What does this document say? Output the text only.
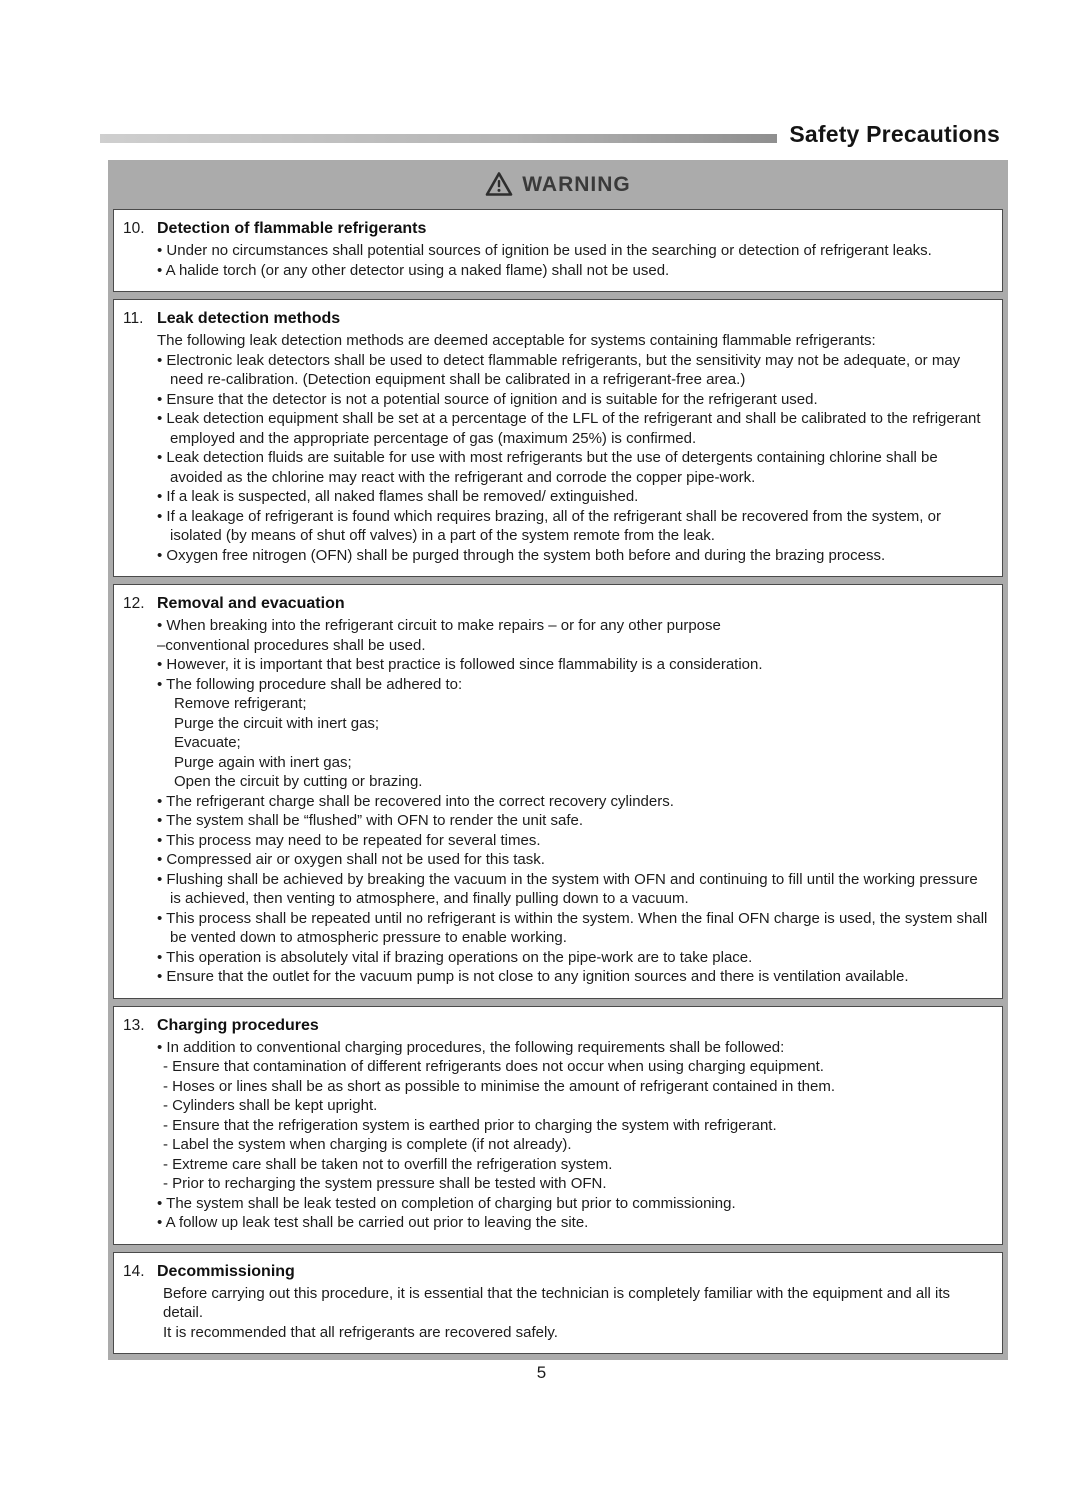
Safety Precautions
WARNING
10. Detection of flammable refrigerants
• Under no circumstances shall potential sources of ignition be used in the searching or detection of refrigerant leaks.
• A halide torch (or any other detector using a naked flame) shall not be used.
11. Leak detection methods
The following leak detection methods are deemed acceptable for systems containing flammable refrigerants:
• Electronic leak detectors shall be used to detect flammable refrigerants, but the sensitivity may not be adequate, or may need re-calibration. (Detection equipment shall be calibrated in a refrigerant-free area.)
• Ensure that the detector is not a potential source of ignition and is suitable for the refrigerant used.
• Leak detection equipment shall be set at a percentage of the LFL of the refrigerant and shall be calibrated to the refrigerant employed and the appropriate percentage of gas (maximum 25%) is confirmed.
• Leak detection fluids are suitable for use with most refrigerants but the use of detergents containing chlorine shall be avoided as the chlorine may react with the refrigerant and corrode the copper pipe-work.
• If a leak is suspected, all naked flames shall be removed/ extinguished.
• If a leakage of refrigerant is found which requires brazing, all of the refrigerant shall be recovered from the system, or isolated (by means of shut off valves) in a part of the system remote from the leak.
• Oxygen free nitrogen (OFN) shall be purged through the system both before and during the brazing process.
12. Removal and evacuation
• When breaking into the refrigerant circuit to make repairs – or for any other purpose
–conventional procedures shall be used.
• However, it is important that best practice is followed since flammability is a consideration.
• The following procedure shall be adhered to:
Remove refrigerant;
Purge the circuit with inert gas;
Evacuate;
Purge again with inert gas;
Open the circuit by cutting or brazing.
• The refrigerant charge shall be recovered into the correct recovery cylinders.
• The system shall be “flushed” with OFN to render the unit safe.
• This process may need to be repeated for several times.
• Compressed air or oxygen shall not be used for this task.
• Flushing shall be achieved by breaking the vacuum in the system with OFN and continuing to fill until the working pressure is achieved, then venting to atmosphere, and finally pulling down to a vacuum.
• This process shall be repeated until no refrigerant is within the system. When the final OFN charge is used, the system shall be vented down to atmospheric pressure to enable working.
• This operation is absolutely vital if brazing operations on the pipe-work are to take place.
• Ensure that the outlet for the vacuum pump is not close to any ignition sources and there is ventilation available.
13. Charging procedures
• In addition to conventional charging procedures, the following requirements shall be followed:
- Ensure that contamination of different refrigerants does not occur when using charging equipment.
- Hoses or lines shall be as short as possible to minimise the amount of refrigerant contained in them.
- Cylinders shall be kept upright.
- Ensure that the refrigeration system is earthed prior to charging the system with refrigerant.
- Label the system when charging is complete (if not already).
- Extreme care shall be taken not to overfill the refrigeration system.
- Prior to recharging the system pressure shall be tested with OFN.
• The system shall be leak tested on completion of charging but prior to commissioning.
• A follow up leak test shall be carried out prior to leaving the site.
14. Decommissioning
Before carrying out this procedure, it is essential that the technician is completely familiar with the equipment and all its detail.
It is recommended that all refrigerants are recovered safely.
5
